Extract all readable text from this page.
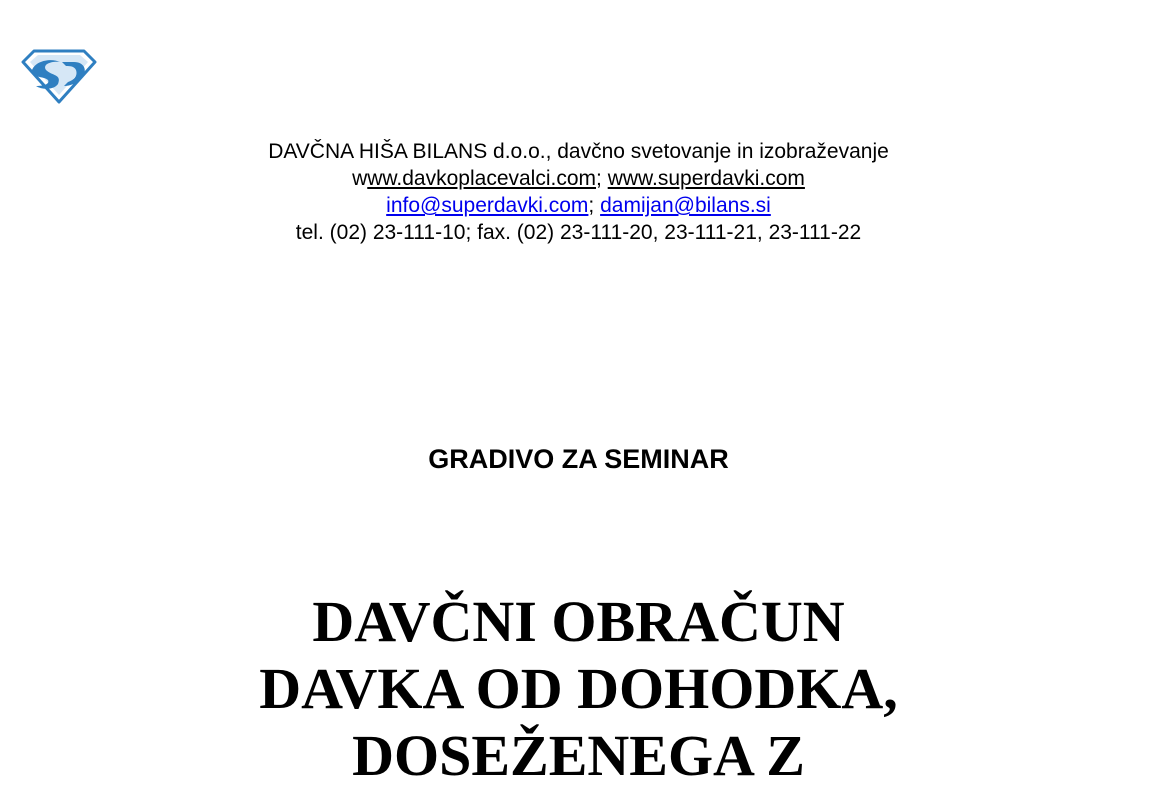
DAVČNA HIŠA BILANS d.o.o., davčno svetovanje in izobraževanje
www.davkoplacevalci.com; www.superdavki.com
info@superdavki.com; damijan@bilans.si
tel. (02) 23-111-10; fax. (02) 23-111-20, 23-111-21, 23-111-22
GRADIVO ZA SEMINAR
DAVČNI OBRAČUN
DAVKA OD DOHODKA,
DOSEŽENEGA Z
